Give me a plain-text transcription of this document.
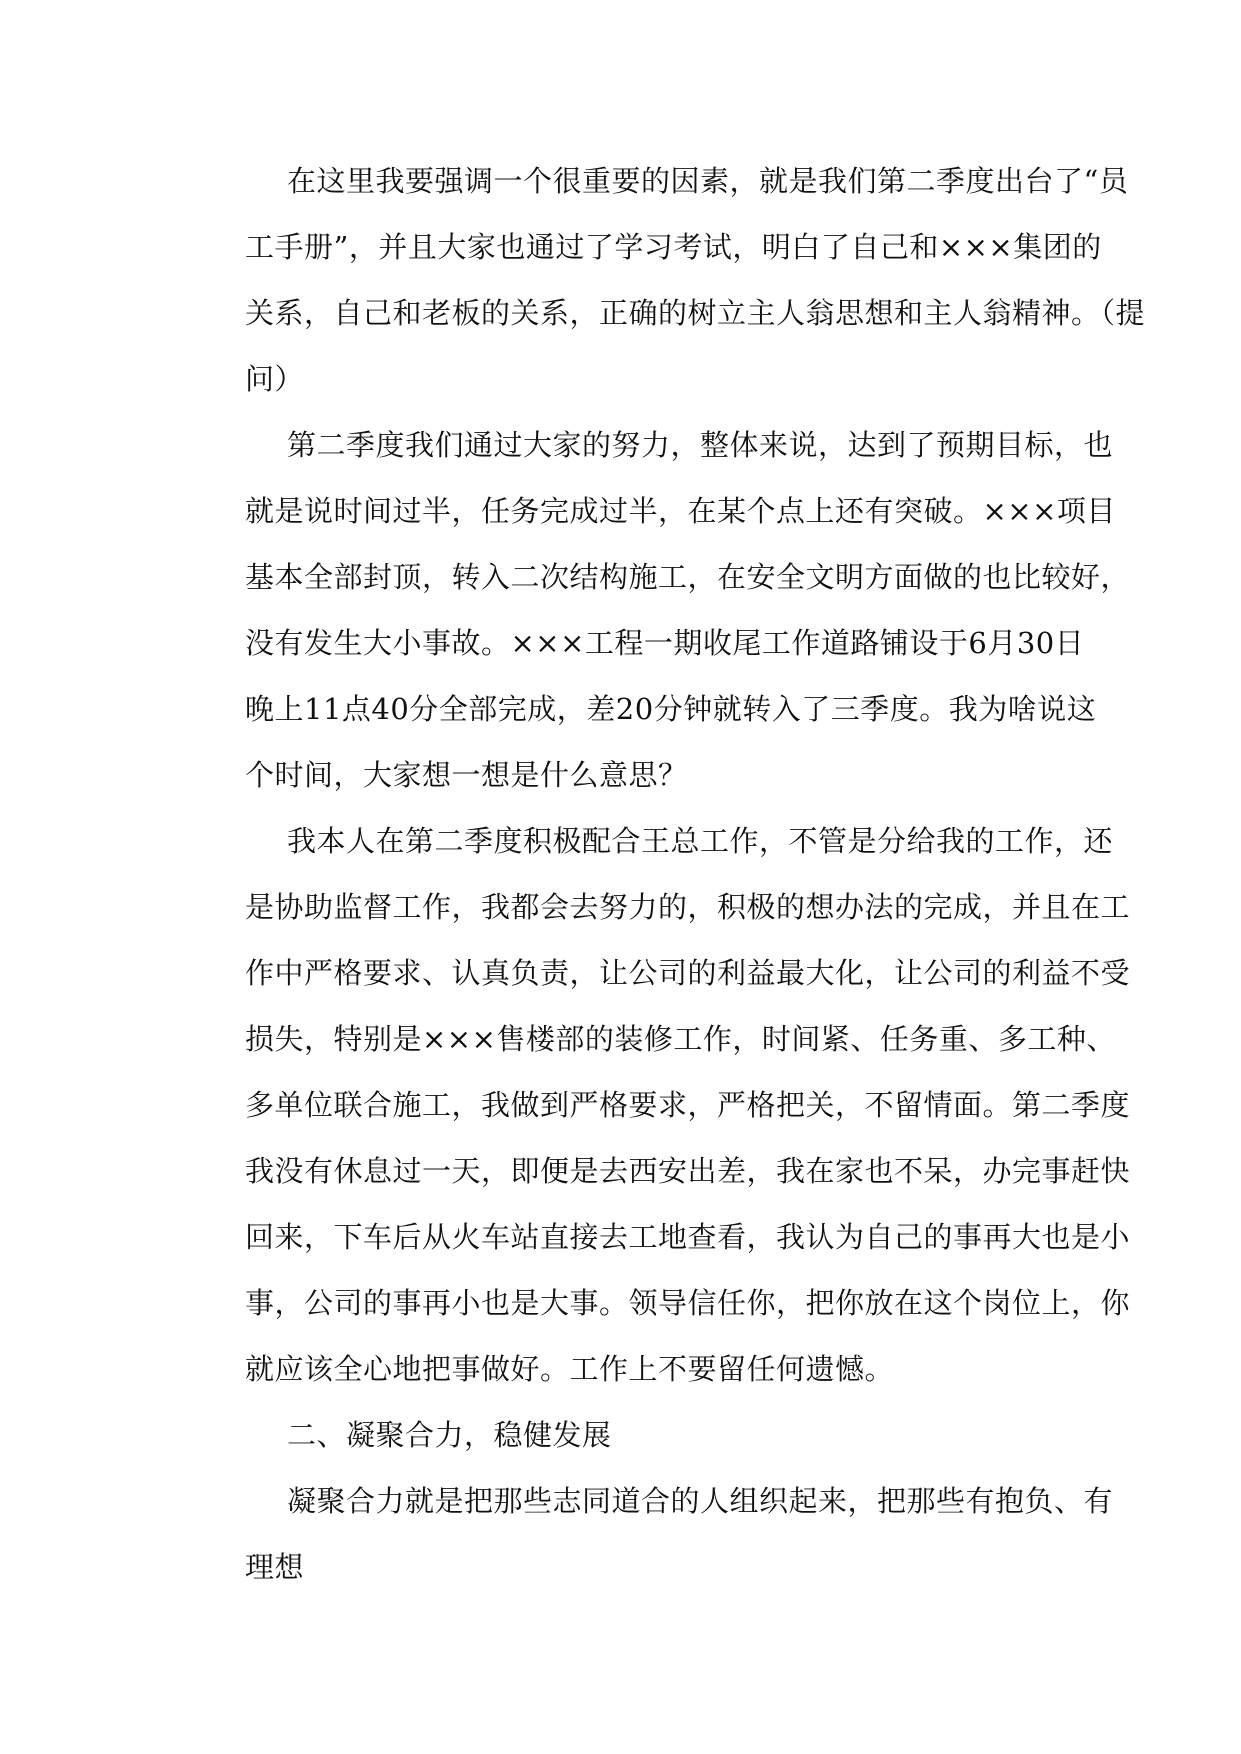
在这里我要强调一个很重要的因素，就是我们第二季度出台了“员
工手册”，并且大家也通过了学习考试，明白了自己和×××集团的
关系，自己和老板的关系，正确的树立主人翁思想和主人翁精神。（提
问）

第二季度我们通过大家的努力，整体来说，达到了预期目标，也
就是说时间过半，任务完成过半，在某个点上还有突破。×××项目
基本全部封顶，转入二次结构施工，在安全文明方面做的也比较好，
没有发生大小事故。×××工程一期收尾工作道路铺设于6月30日
晚上11点40分全部完成，差20分钟就转入了三季度。我为啥说这
个时间，大家想一想是什么意思？

我本人在第二季度积极配合王总工作，不管是分给我的工作，还
是协助监督工作，我都会去努力的，积极的想办法的完成，并且在工
作中严格要求、认真负责，让公司的利益最大化，让公司的利益不受
损失，特别是×××售楼部的装修工作，时间紧、任务重、多工种、
多单位联合施工，我做到严格要求，严格把关，不留情面。第二季度
我没有休息过一天，即便是去西安出差，我在家也不呆，办完事赶快
回来，下车后从火车站直接去工地查看，我认为自己的事再大也是小
事，公司的事再小也是大事。领导信任你，把你放在这个岗位上，你
就应该全心地把事做好。工作上不要留任何遗憾。

二、凝聚合力，稳健发展

凝聚合力就是把那些志同道合的人组织起来，把那些有抱负、有
理想
